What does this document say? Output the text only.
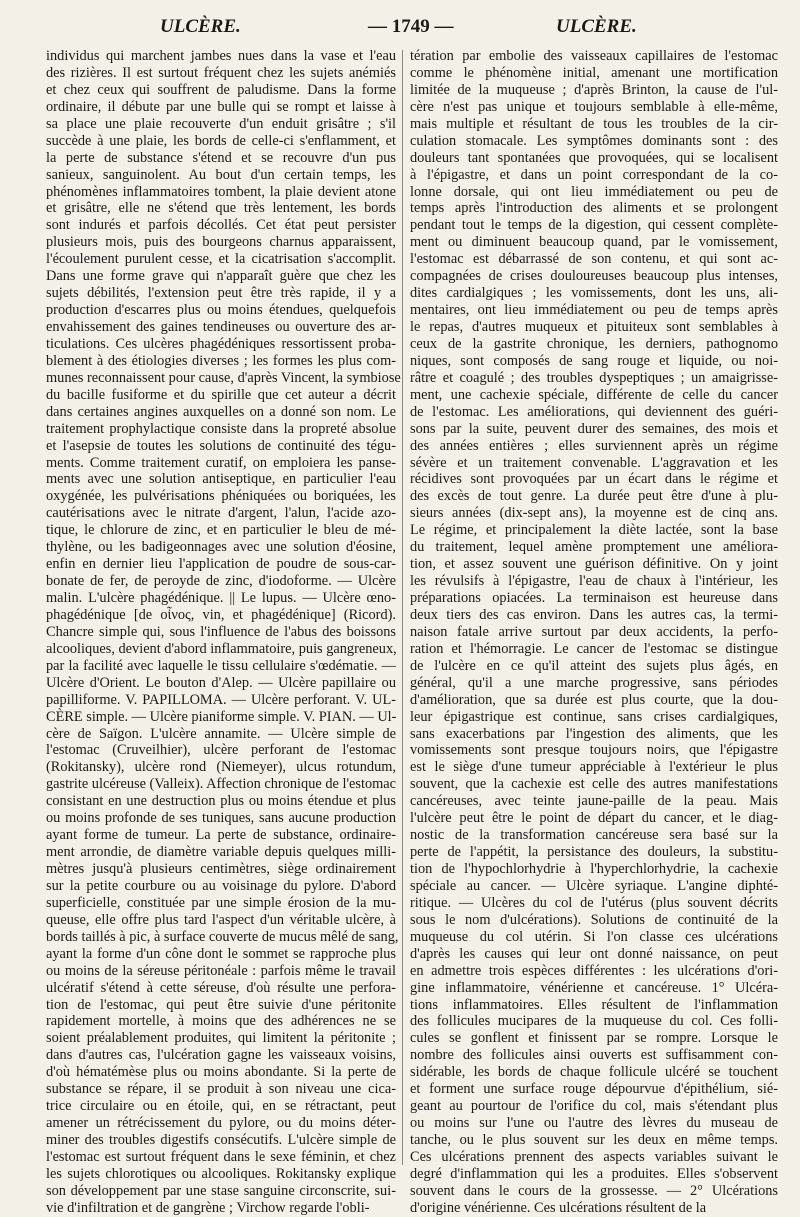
ULCÈRE.	— 1749 —	ULCÈRE.

individus qui marchent jambes nues dans la vase et l'eau

des rizières. Il est surtout fréquent chez les sujets anémiés

et chez ceux qui souffrent de paludisme. Dans la forme

ordinaire, il débute par une bulle qui se rompt et laisse à

sa place une plaie recouverte d'un enduit grisâtre ; s'il

succède à une plaie, les bords de celle-ci s'enflamment, et

la perte de substance s'étend et se recouvre d'un pus

sanieux, sanguinolent. Au bout d'un certain temps, les

phénomènes inflammatoires tombent, la plaie devient atone

et grisâtre, elle ne s'étend que très lentement, les bords

sont indurés et parfois décollés. Cet état peut persister

plusieurs mois, puis des bourgeons charnus apparaissent,

l'écoulement purulent cesse, et la cicatrisation s'accomplit.

Dans une forme grave qui n'apparaît guère que chez les

sujets débilités, l'extension peut être très rapide, il y a

production d'escarres plus ou moins étendues, quelquefois

envahissement des gaines tendineuses ou ouverture des ar-

ticulations. Ces ulcères phagédéniques ressortissent proba-

blement à des étiologies diverses ; les formes les plus com-

munes reconnaissent pour cause, d'après Vincent, la symbiose

du bacille fusiforme et du spirille que cet auteur a décrit

dans certaines angines auxquelles on a donné son nom. Le

traitement prophylactique consiste dans la propreté absolue

et l'asepsie de toutes les solutions de continuité des tégu-

ments. Comme traitement curatif, on emploiera les panse-

ments avec une solution antiseptique, en particulier l'eau

oxygénée, les pulvérisations phéniquées ou boriquées, les

cautérisations avec le nitrate d'argent, l'alun, l'acide azo-

tique, le chlorure de zinc, et en particulier le bleu de mé-

thylène, ou les badigeonnages avec une solution d'éosine,

enfin en dernier lieu l'application de poudre de sous-car-

bonate de fer, de peroyde de zinc, d'iodoforme. — Ulcère

malin. L'ulcère phagédénique. || Le lupus. — Ulcère œno-

phagédénique [de οἶνος, vin, et phagédénique] (Ricord).

Chancre simple qui, sous l'influence de l'abus des boissons

alcooliques, devient d'abord inflammatoire, puis gangreneux,

par la facilité avec laquelle le tissu cellulaire s'œdématie. —

Ulcère d'Orient. Le bouton d'Alep. — Ulcère papillaire ou

papilliforme. V. PAPILLOMA. — Ulcère perforant. V. UL-

CÈRE simple. — Ulcère pianiforme simple. V. PIAN. — Ul-

cère de Saïgon. L'ulcère annamite. — Ulcère simple de

l'estomac (Cruveilhier), ulcère perforant de l'estomac

(Rokitansky), ulcère rond (Niemeyer), ulcus rotundum,

gastrite ulcéreuse (Valleix). Affection chronique de l'estomac

consistant en une destruction plus ou moins étendue et plus

ou moins profonde de ses tuniques, sans aucune production

ayant forme de tumeur. La perte de substance, ordinaire-

ment arrondie, de diamètre variable depuis quelques milli-

mètres jusqu'à plusieurs centimètres, siège ordinairement

sur la petite courbure ou au voisinage du pylore. D'abord

superficielle, constituée par une simple érosion de la mu-

queuse, elle offre plus tard l'aspect d'un véritable ulcère, à

bords taillés à pic, à surface couverte de mucus mêlé de sang,

ayant la forme d'un cône dont le sommet se rapproche plus

ou moins de la séreuse péritonéale : parfois même le travail

ulcératif s'étend à cette séreuse, d'où résulte une perfora-

tion de l'estomac, qui peut être suivie d'une péritonite

rapidement mortelle, à moins que des adhérences ne se

soient préalablement produites, qui limitent la péritonite ;

dans d'autres cas, l'ulcération gagne les vaisseaux voisins,

d'où hématémèse plus ou moins abondante. Si la perte de

substance se répare, il se produit à son niveau une cica-

trice circulaire ou en étoile, qui, en se rétractant, peut

amener un rétrécissement du pylore, ou du moins déter-

miner des troubles digestifs consécutifs. L'ulcère simple de

l'estomac est surtout fréquent dans le sexe féminin, et chez

les sujets chlorotiques ou alcooliques. Rokitansky explique

son développement par une stase sanguine circonscrite, sui-

vie d'infiltration et de gangrène ; Virchow regarde l'obli-

tération par embolie des vaisseaux capillaires de l'estomac

comme le phénomène initial, amenant une mortification

limitée de la muqueuse ; d'après Brinton, la cause de l'ul-

cère n'est pas unique et toujours semblable à elle-même,

mais multiple et résultant de tous les troubles de la cir-

culation stomacale. Les symptômes dominants sont : des

douleurs tant spontanées que provoquées, qui se localisent

à l'épigastre, et dans un point correspondant de la co-

lonne dorsale, qui ont lieu immédiatement ou peu de

temps après l'introduction des aliments et se prolongent

pendant tout le temps de la digestion, qui cessent complète-

ment ou diminuent beaucoup quand, par le vomissement,

l'estomac est débarrassé de son contenu, et qui sont ac-

compagnées de crises douloureuses beaucoup plus intenses,

dites cardialgiques ; les vomissements, dont les uns, ali-

mentaires, ont lieu immédiatement ou peu de temps après

le repas, d'autres muqueux et pituiteux sont semblables à

ceux de la gastrite chronique, les derniers, pathognomo

niques, sont composés de sang rouge et liquide, ou noi-

râtre et coagulé ; des troubles dyspeptiques ; un amaigrisse-

ment, une cachexie spéciale, différente de celle du cancer

de l'estomac. Les améliorations, qui deviennent des guéri-

sons par la suite, peuvent durer des semaines, des mois et

des années entières ; elles surviennent après un régime

sévère et un traitement convenable. L'aggravation et les

récidives sont provoquées par un écart dans le régime et

des excès de tout genre. La durée peut être d'une à plu-

sieurs années (dix-sept ans), la moyenne est de cinq ans.

Le régime, et principalement la diète lactée, sont la base

du traitement, lequel amène promptement une améliora-

tion, et assez souvent une guérison définitive. On y joint

les révulsifs à l'épigastre, l'eau de chaux à l'intérieur, les

préparations opiacées. La terminaison est heureuse dans

deux tiers des cas environ. Dans les autres cas, la termi-

naison fatale arrive surtout par deux accidents, la perfo-

ration et l'hémorragie. Le cancer de l'estomac se distingue

de l'ulcère en ce qu'il atteint des sujets plus âgés, en

général, qu'il a une marche progressive, sans périodes

d'amélioration, que sa durée est plus courte, que la dou-

leur épigastrique est continue, sans crises cardialgiques,

sans exacerbations par l'ingestion des aliments, que les

vomissements sont presque toujours noirs, que l'épigastre

est le siège d'une tumeur appréciable à l'extérieur le plus

souvent, que la cachexie est celle des autres manifestations

cancéreuses, avec teinte jaune-paille de la peau. Mais

l'ulcère peut être le point de départ du cancer, et le diag-

nostic de la transformation cancéreuse sera basé sur la

perte de l'appétit, la persistance des douleurs, la substitu-

tion de l'hypochlorhydrie à l'hyperchlorhydrie, la cachexie

spéciale au cancer. — Ulcère syriaque. L'angine diphté-

ritique. — Ulcères du col de l'utérus (plus souvent décrits

sous le nom d'ulcérations). Solutions de continuité de la

muqueuse du col utérin. Si l'on classe ces ulcérations

d'après les causes qui leur ont donné naissance, on peut

en admettre trois espèces différentes : les ulcérations d'ori-

gine inflammatoire, vénérienne et cancéreuse. 1° Ulcéra-

tions inflammatoires. Elles résultent de l'inflammation

des follicules mucipares de la muqueuse du col. Ces folli-

cules se gonflent et finissent par se rompre. Lorsque le

nombre des follicules ainsi ouverts est suffisamment con-

sidérable, les bords de chaque follicule ulcéré se touchent

et forment une surface rouge dépourvue d'épithélium, sié-

geant au pourtour de l'orifice du col, mais s'étendant plus

ou moins sur l'une ou l'autre des lèvres du museau de

tanche, ou le plus souvent sur les deux en même temps.

Ces ulcérations prennent des aspects variables suivant le

degré d'inflammation qui les a produites. Elles s'observent

souvent dans le cours de la grossesse. — 2° Ulcérations

d'origine vénérienne. Ces ulcérations résultent de la
